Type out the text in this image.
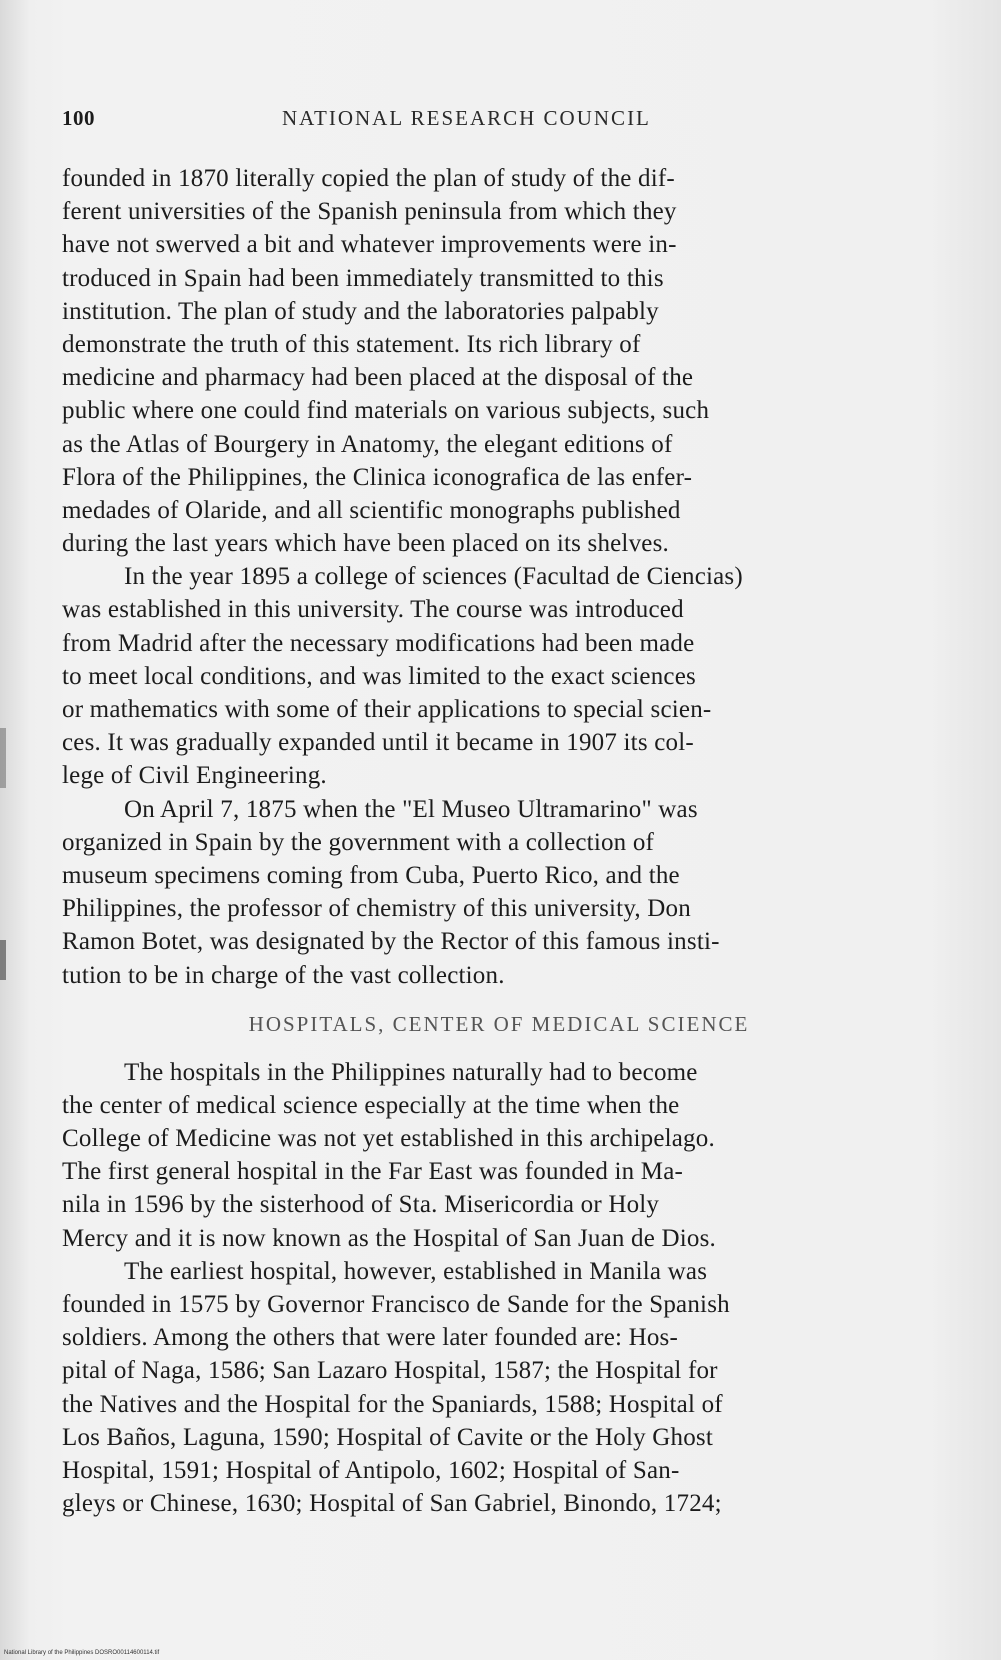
100	NATIONAL RESEARCH COUNCIL
founded in 1870 literally copied the plan of study of the dif-
ferent universities of the Spanish peninsula from which they
have not swerved a bit and whatever improvements were in-
troduced in Spain had been immediately transmitted to this
institution. The plan of study and the laboratories palpably
demonstrate the truth of this statement. Its rich library of
medicine and pharmacy had been placed at the disposal of the
public where one could find materials on various subjects, such
as the Atlas of Bourgery in Anatomy, the elegant editions of
Flora of the Philippines, the Clinica iconografica de las enfer-
medades of Olaride, and all scientific monographs published
during the last years which have been placed on its shelves.
In the year 1895 a college of sciences (Facultad de Ciencias)
was established in this university. The course was introduced
from Madrid after the necessary modifications had been made
to meet local conditions, and was limited to the exact sciences
or mathematics with some of their applications to special scien-
ces. It was gradually expanded until it became in 1907 its col-
lege of Civil Engineering.
On April 7, 1875 when the "El Museo Ultramarino" was
organized in Spain by the government with a collection of
museum specimens coming from Cuba, Puerto Rico, and the
Philippines, the professor of chemistry of this university, Don
Ramon Botet, was designated by the Rector of this famous insti-
tution to be in charge of the vast collection.
HOSPITALS, CENTER OF MEDICAL SCIENCE
The hospitals in the Philippines naturally had to become
the center of medical science especially at the time when the
College of Medicine was not yet established in this archipelago.
The first general hospital in the Far East was founded in Ma-
nila in 1596 by the sisterhood of Sta. Misericordia or Holy
Mercy and it is now known as the Hospital of San Juan de Dios.
The earliest hospital, however, established in Manila was
founded in 1575 by Governor Francisco de Sande for the Spanish
soldiers. Among the others that were later founded are: Hos-
pital of Naga, 1586; San Lazaro Hospital, 1587; the Hospital for
the Natives and the Hospital for the Spaniards, 1588; Hospital of
Los Baños, Laguna, 1590; Hospital of Cavite or the Holy Ghost
Hospital, 1591; Hospital of Antipolo, 1602; Hospital of San-
gleys or Chinese, 1630; Hospital of San Gabriel, Binondo, 1724;
National Library of the Philippines DOSRO00114600114.tif
